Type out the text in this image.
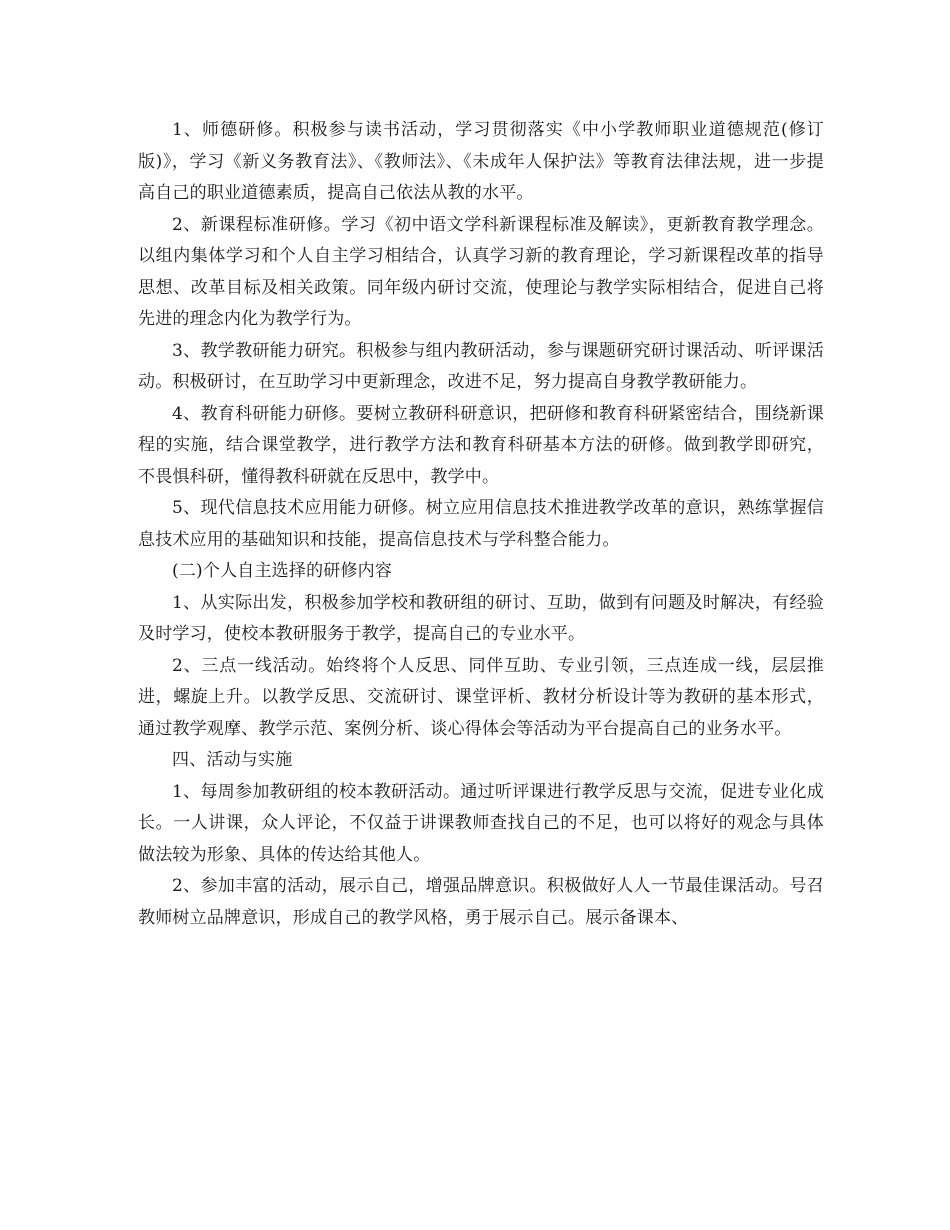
1、师德研修。积极参与读书活动，学习贯彻落实《中小学教师职业道德规范(修订版)》，学习《新义务教育法》、《教师法》、《未成年人保护法》等教育法律法规，进一步提高自己的职业道德素质，提高自己依法从教的水平。

2、新课程标准研修。学习《初中语文学科新课程标准及解读》，更新教育教学理念。以组内集体学习和个人自主学习相结合，认真学习新的教育理论，学习新课程改革的指导思想、改革目标及相关政策。同年级内研讨交流，使理论与教学实际相结合，促进自己将先进的理念内化为教学行为。

3、教学教研能力研究。积极参与组内教研活动，参与课题研究研讨课活动、听评课活动。积极研讨，在互助学习中更新理念，改进不足，努力提高自身教学教研能力。

4、教育科研能力研修。要树立教研科研意识，把研修和教育科研紧密结合，围绕新课程的实施，结合课堂教学，进行教学方法和教育科研基本方法的研修。做到教学即研究，不畏惧科研，懂得教科研就在反思中，教学中。

5、现代信息技术应用能力研修。树立应用信息技术推进教学改革的意识，熟练掌握信息技术应用的基础知识和技能，提高信息技术与学科整合能力。

(二)个人自主选择的研修内容

1、从实际出发，积极参加学校和教研组的研讨、互助，做到有问题及时解决，有经验及时学习，使校本教研服务于教学，提高自己的专业水平。

2、三点一线活动。始终将个人反思、同伴互助、专业引领，三点连成一线，层层推进，螺旋上升。以教学反思、交流研讨、课堂评析、教材分析设计等为教研的基本形式，通过教学观摩、教学示范、案例分析、谈心得体会等活动为平台提高自己的业务水平。

四、活动与实施

1、每周参加教研组的校本教研活动。通过听评课进行教学反思与交流，促进专业化成长。一人讲课，众人评论，不仅益于讲课教师查找自己的不足，也可以将好的观念与具体做法较为形象、具体的传达给其他人。

2、参加丰富的活动，展示自己，增强品牌意识。积极做好人人一节最佳课活动。号召教师树立品牌意识，形成自己的教学风格，勇于展示自己。展示备课本、
